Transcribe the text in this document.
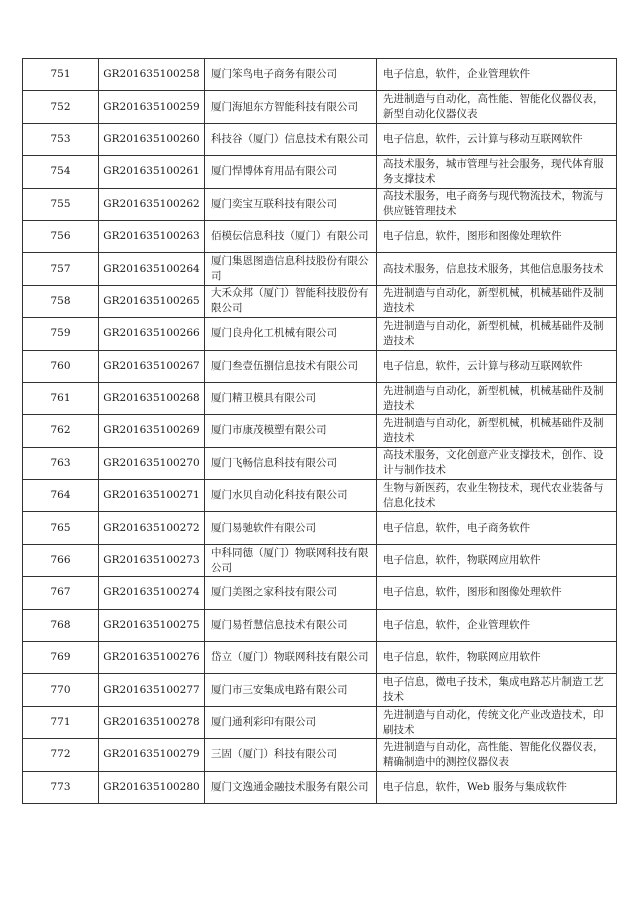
751	GR201635100258	厦门笨鸟电子商务有限公司	电子信息，软件，企业管理软件
752	GR201635100259	厦门海旭东方智能科技有限公司	先进制造与自动化，高性能、智能化仪器仪表，新型自动化仪器仪表
753	GR201635100260	科技谷（厦门）信息技术有限公司	电子信息，软件，云计算与移动互联网软件
754	GR201635100261	厦门悍博体育用品有限公司	高技术服务，城市管理与社会服务，现代体育服务支撑技术
755	GR201635100262	厦门奕宝互联科技有限公司	高技术服务，电子商务与现代物流技术，物流与供应链管理技术
756	GR201635100263	佰模伝信息科技（厦门）有限公司	电子信息，软件，图形和图像处理软件
757	GR201635100264	厦门集恩图造信息科技股份有限公司	高技术服务，信息技术服务，其他信息服务技术
758	GR201635100265	大禾众邦（厦门）智能科技股份有限公司	先进制造与自动化，新型机械，机械基础件及制造技术
759	GR201635100266	厦门良舟化工机械有限公司	先进制造与自动化，新型机械，机械基础件及制造技术
760	GR201635100267	厦门叁壹伍捌信息技术有限公司	电子信息，软件，云计算与移动互联网软件
761	GR201635100268	厦门精卫模具有限公司	先进制造与自动化，新型机械，机械基础件及制造技术
762	GR201635100269	厦门市康茂模塑有限公司	先进制造与自动化，新型机械，机械基础件及制造技术
763	GR201635100270	厦门飞畅信息科技有限公司	高技术服务，文化创意产业支撑技术，创作、设计与制作技术
764	GR201635100271	厦门水贝自动化科技有限公司	生物与新医药，农业生物技术，现代农业装备与信息化技术
765	GR201635100272	厦门易驰软件有限公司	电子信息，软件，电子商务软件
766	GR201635100273	中科同德（厦门）物联网科技有限公司	电子信息，软件，物联网应用软件
767	GR201635100274	厦门美图之家科技有限公司	电子信息，软件，图形和图像处理软件
768	GR201635100275	厦门易哲慧信息技术有限公司	电子信息，软件，企业管理软件
769	GR201635100276	岱立（厦门）物联网科技有限公司	电子信息，软件，物联网应用软件
770	GR201635100277	厦门市三安集成电路有限公司	电子信息，微电子技术，集成电路芯片制造工艺技术
771	GR201635100278	厦门通利彩印有限公司	先进制造与自动化，传统文化产业改造技术，印刷技术
772	GR201635100279	三固（厦门）科技有限公司	先进制造与自动化，高性能、智能化仪器仪表，精确制造中的测控仪器仪表
773	GR201635100280	厦门文逸通金融技术服务有限公司	电子信息，软件，Web 服务与集成软件
